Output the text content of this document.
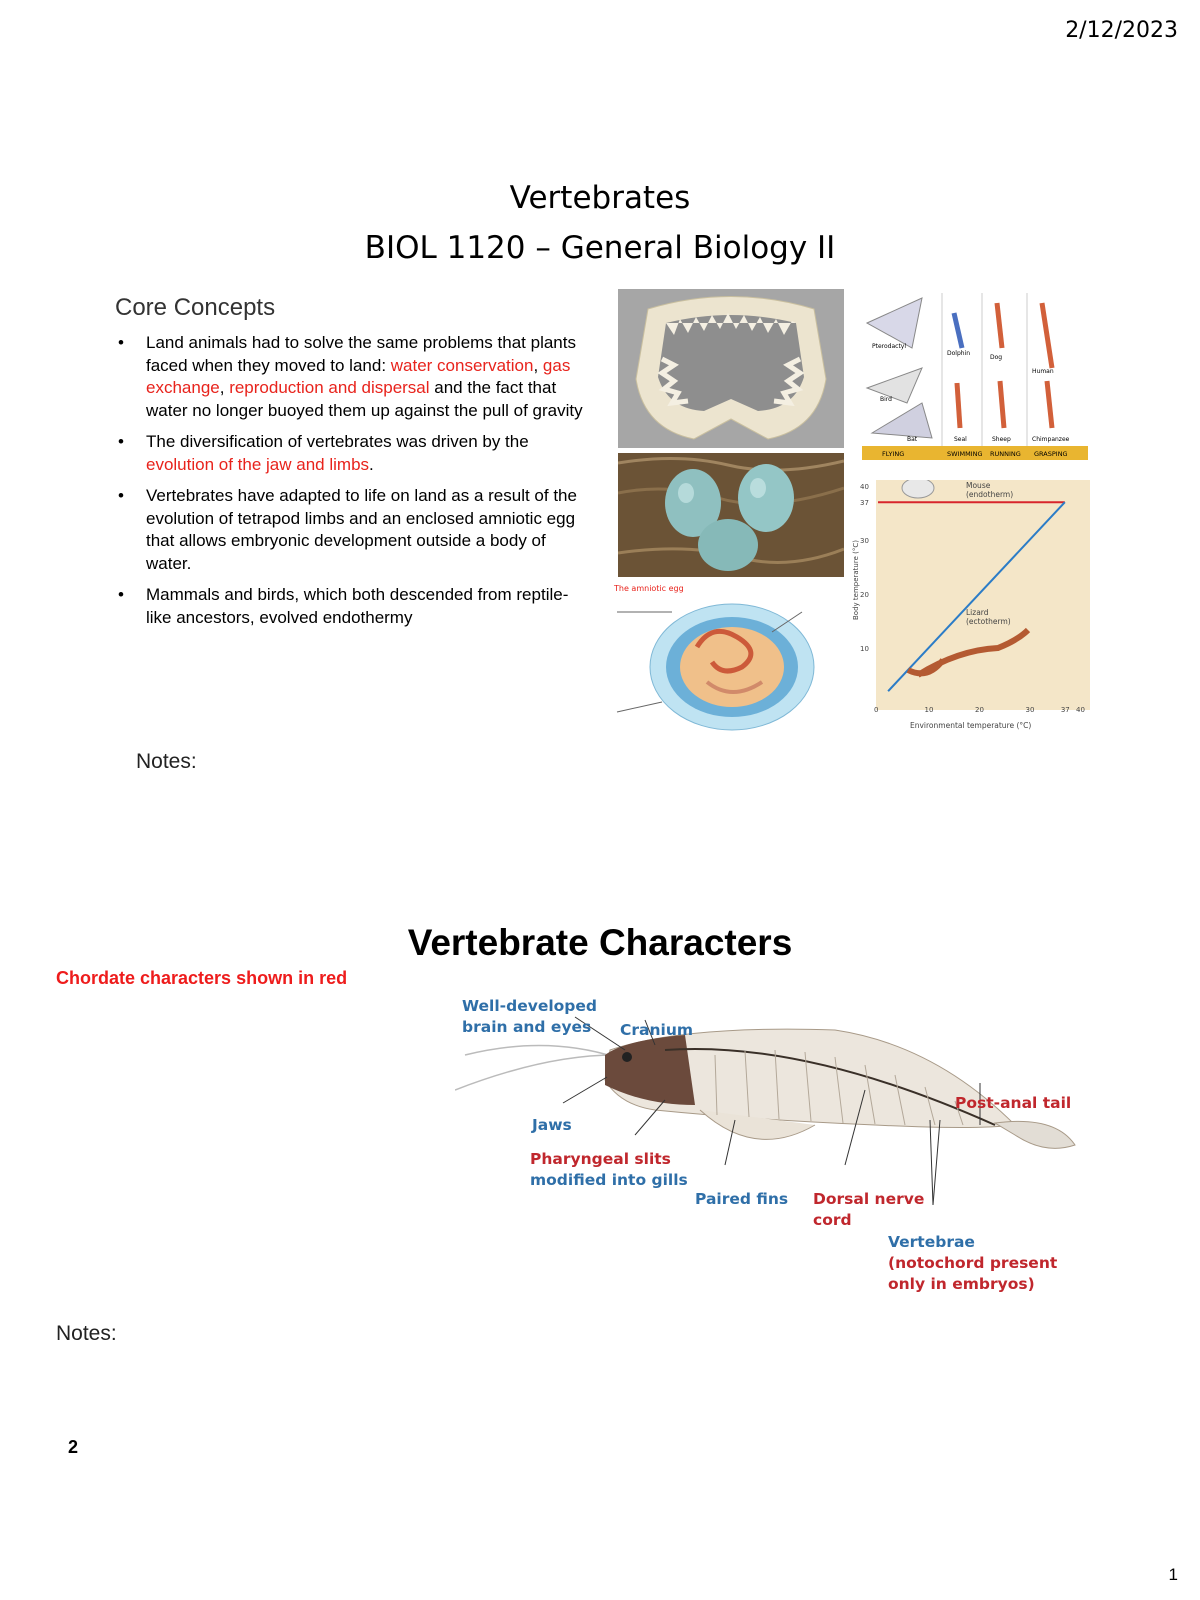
2/12/2023
Vertebrates
BIOL 1120 – General Biology II
Core Concepts
• Land animals had to solve the same problems that plants faced when they moved to land: water conservation, gas exchange, reproduction and dispersal and the fact that water no longer buoyed them up against the pull of gravity
• The diversification of vertebrates was driven by the evolution of the jaw and limbs.
• Vertebrates have adapted to life on land as a result of the evolution of tetrapod limbs and an enclosed amniotic egg that allows embryonic development outside a body of water.
• Mammals and birds, which both descended from reptile-like ancestors, evolved endothermy
Pterodactyl
Dolphin
Dog
Human
Bird
Bat	Seal	Sheep	Chimpanzee
FLYING	SWIMMING RUNNING GRASPING
The amniotic egg	Body temperature (°C)
Environmental temperature (°C)
40
37
30
20
10
0	10	20	30	37 40
Mouse
(endotherm)
Lizard
(ectotherm)
Notes:
Vertebrate Characters
Chordate characters shown in red
Well-developed
brain and eyes Cranium
Jaws
Pharyngeal slits
modified into gills
Paired fins Dorsal nerve
cord
Post-anal tail
Vertebrae
(notochord present
only in embryos)
Notes:
2
1
